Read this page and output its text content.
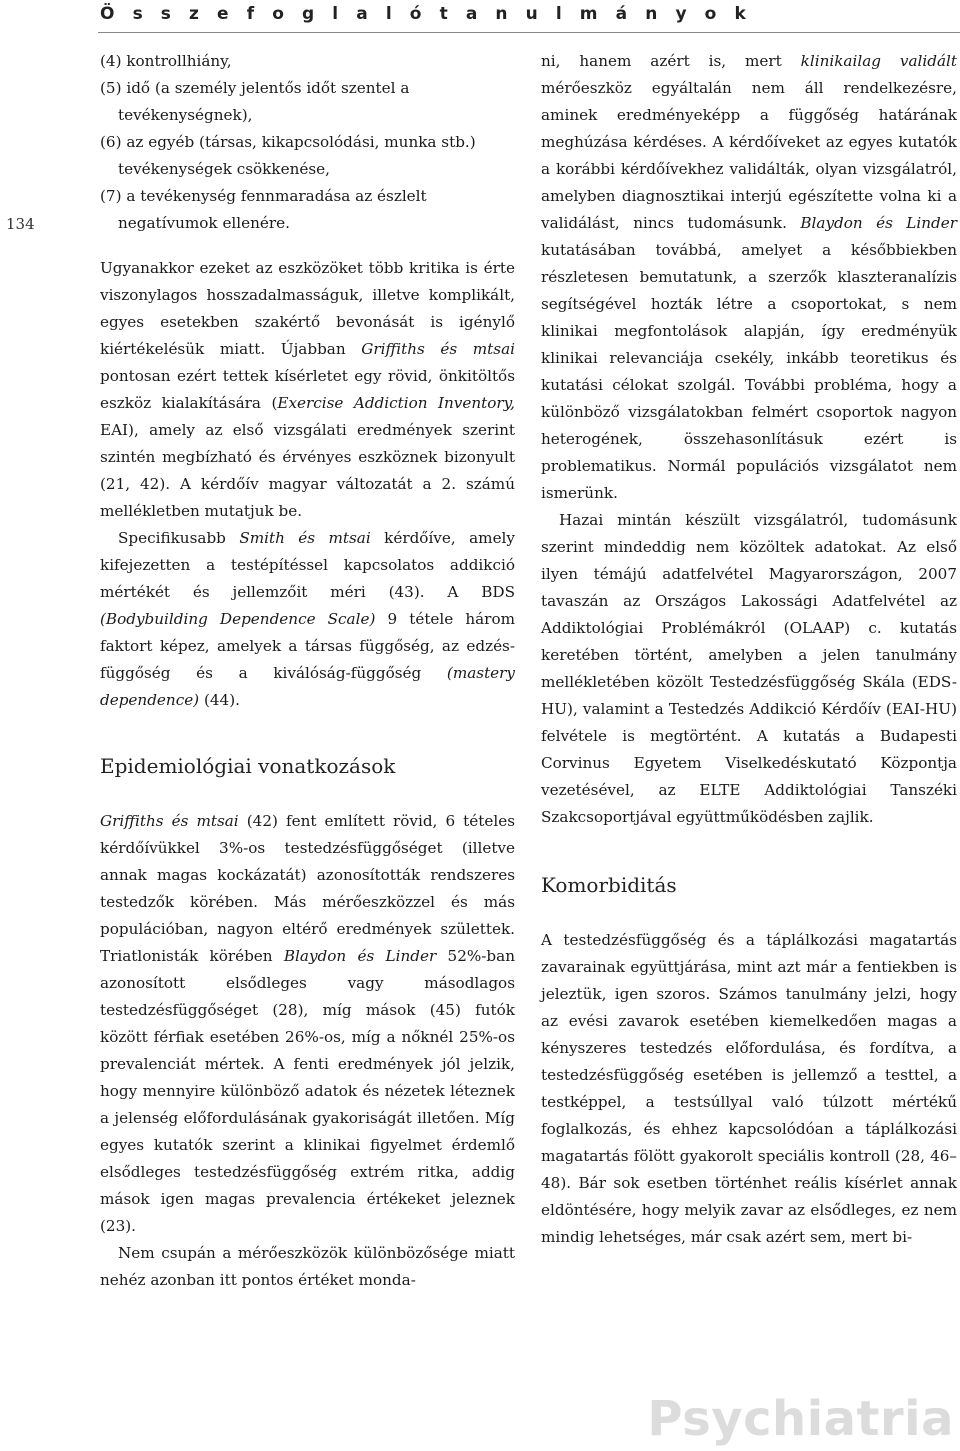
Ö s s z e f o g l a l ó t a n u l m á n y o k
134
(4) kontrollhiány,
(5) idő (a személy jelentős időt szentel a tevékenységnek),
(6) az egyéb (társas, kikapcsolódási, munka stb.) tevékenységek csökkenése,
(7) a tevékenység fennmaradása az észlelt negatívumok ellenére.

Ugyanakkor ezeket az eszközöket több kritika is érte viszonylagos hosszadalmasságuk, illetve komplikált, egyes esetekben szakértő bevonását is igénylő kiértékelésük miatt. Újabban Griffiths és mtsai pontosan ezért tettek kísérletet egy rövid, önkitöltős eszköz kialakítására (Exercise Addiction Inventory, EAI), amely az első vizsgálati eredmények szerint szintén megbízható és érvényes eszköznek bizonyult (21, 42). A kérdőív magyar változatát a 2. számú mellékletben mutatjuk be.

Specifikusabb Smith és mtsai kérdőíve, amely kifejezetten a testépítéssel kapcsolatos addikció mértékét és jellemzőit méri (43). A BDS (Bodybuilding Dependence Scale) 9 tétele három faktort képez, amelyek a társas függőség, az edzés-függőség és a kiválóság-függőség (mastery dependence) (44).

Epidemiológiai vonatkozások

Griffiths és mtsai (42) fent említett rövid, 6 tételes kérdőívükkel 3%-os testedzésfüggőséget (illetve annak magas kockázatát) azonosították rendszeres testedzők körében. Más mérőeszközzel és más populációban, nagyon eltérő eredmények születtek. Triatlonisták körében Blaydon és Linder 52%-ban azonosított elsődleges vagy másodlagos testedzésfüggőséget (28), míg mások (45) futók között férfiak esetében 26%-os, míg a nőknél 25%-os prevalenciát mértek. A fenti eredmények jól jelzik, hogy mennyire különböző adatok és nézetek léteznek a jelenség előfordulásának gyakoriságát illetően. Míg egyes kutatók szerint a klinikai figyelmet érdemlő elsődleges testedzésfüggőség extrém ritka, addig mások igen magas prevalencia értékeket jeleznek (23).

Nem csupán a mérőeszközök különbözősége miatt nehéz azonban itt pontos értéket monda-

ni, hanem azért is, mert klinikailag validált mérőeszköz egyáltalán nem áll rendelkezésre, aminek eredményeképp a függőség határának meghúzása kérdéses. A kérdőíveket az egyes kutatók a korábbi kérdőívekhez validálták, olyan vizsgálatról, amelyben diagnosztikai interjú egészítette volna ki a validálást, nincs tudomásunk. Blaydon és Linder kutatásában továbbá, amelyet a későbbiekben részletesen bemutatunk, a szerzők klaszteranalízis segítségével hozták létre a csoportokat, s nem klinikai megfontolások alapján, így eredményük klinikai relevanciája csekély, inkább teoretikus és kutatási célokat szolgál. További probléma, hogy a különböző vizsgálatokban felmért csoportok nagyon heterogének, összehasonlításuk ezért is problematikus. Normál populációs vizsgálatot nem ismerünk.

Hazai mintán készült vizsgálatról, tudomásunk szerint mindeddig nem közöltek adatokat. Az első ilyen témájú adatfelvétel Magyarországon, 2007 tavaszán az Országos Lakossági Adatfelvétel az Addiktológiai Problémákról (OLAAP) c. kutatás keretében történt, amelyben a jelen tanulmány mellékletében közölt Testedzésfüggőség Skála (EDS-HU), valamint a Testedzés Addikció Kérdőív (EAI-HU) felvétele is megtörtént. A kutatás a Budapesti Corvinus Egyetem Viselkedéskutató Központja vezetésével, az ELTE Addiktológiai Tanszéki Szakcsoportjával együttműködésben zajlik.

Komorbiditás

A testedzésfüggőség és a táplálkozási magatartás zavarainak együttjárása, mint azt már a fentiekben is jeleztük, igen szoros. Számos tanulmány jelzi, hogy az evési zavarok esetében kiemelkedően magas a kényszeres testedzés előfordulása, és fordítva, a testedzésfüggőség esetében is jellemző a testtel, a testképpel, a testsúllyal való túlzott mértékű foglalkozás, és ehhez kapcsolódóan a táplálkozási magatartás fölött gyakorolt speciális kontroll (28, 46–48). Bár sok esetben történhet reális kísérlet annak eldöntésére, hogy melyik zavar az elsődleges, ez nem mindig lehetséges, már csak azért sem, mert bi-

Psychiatria
